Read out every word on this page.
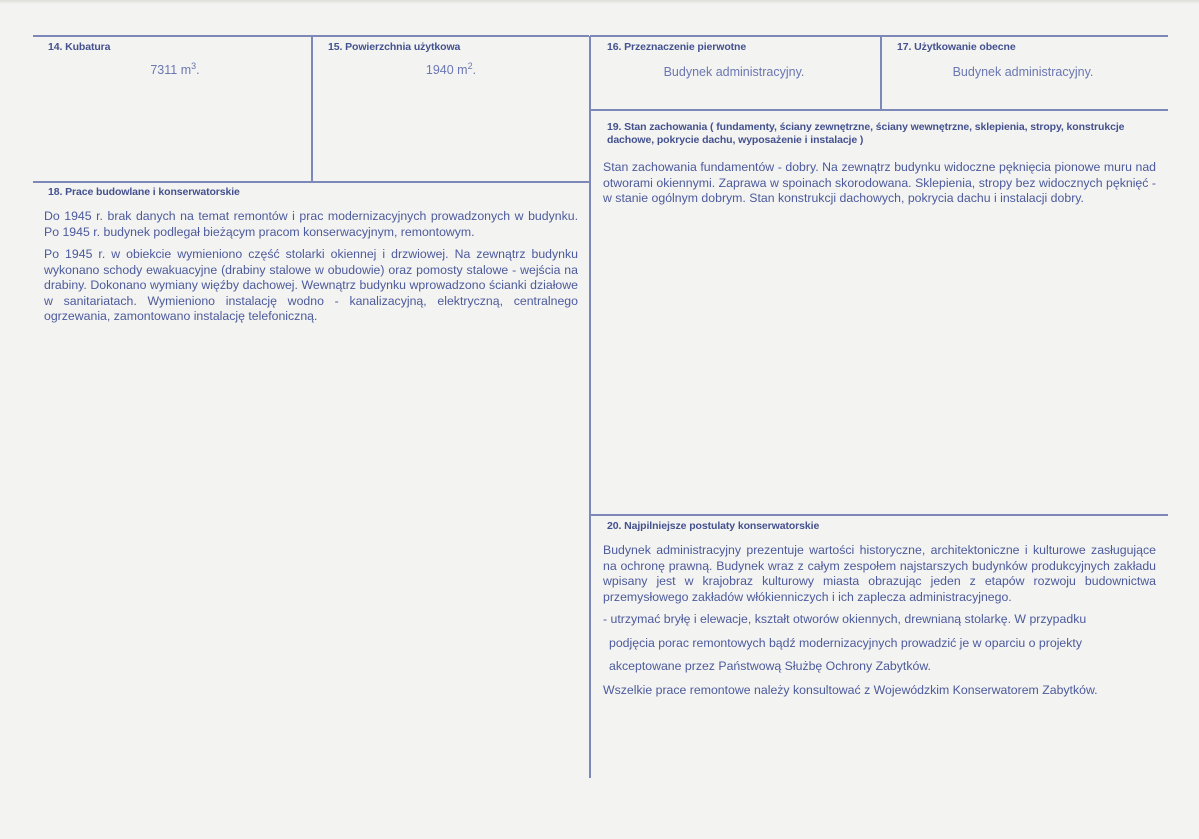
14. Kubatura
7311 $m^3$.
15. Powierzchnia użytkowa
1940 $m^2$.
16. Przeznaczenie pierwotne
Budynek administracyjny.
17. Użytkowanie obecne
Budynek administracyjny.
19. Stan zachowania ( fundamenty, ściany zewnętrzne, ściany wewnętrzne, sklepienia, stropy, konstrukcje dachowe, pokrycie dachu, wyposażenie i instalacje )
Stan zachowania fundamentów - dobry. Na zewnątrz budynku widoczne pęknięcia pionowe muru nad otworami okiennymi. Zaprawa w spoinach skorodowana. Sklepienia, stropy bez widocznych pęknięć - w stanie ogólnym dobrym. Stan konstrukcji dachowych, pokrycia dachu i instalacji dobry.
18. Prace budowlane i konserwatorskie

Do 1945 r. brak danych na temat remontów i prac modernizacyjnych prowadzonych w budynku. Po 1945 r. budynek podlegał bieżącym pracom konserwacyjnym, remontowym.

Po 1945 r. w obiekcie wymieniono część stolarki okiennej i drzwiowej. Na zewnątrz budynku wykonano schody ewakuacyjne (drabiny stalowe w obudowie) oraz pomosty stalowe - wejścia na drabiny. Dokonano wymiany więźby dachowej. Wewnątrz budynku wprowadzono ścianki działowe w sanitariatach. Wymieniono instalację wodno - kanalizacyjną, elektryczną, centralnego ogrzewania, zamontowano instalację telefoniczną.

20. Najpilniejsze postulaty konserwatorskie

Budynek administracyjny prezentuje wartości historyczne, architektoniczne i kulturowe zasługujące na ochronę prawną. Budynek wraz z całym zespołem najstarszych budynków produkcyjnych zakładu wpisany jest w krajobraz kulturowy miasta obrazując jeden z etapów rozwoju budownictwa przemysłowego zakładów włókienniczych i ich zaplecza administracyjnego.

- utrzymać bryłę i elewacje, kształt otworów okiennych, drewnianą stolarkę. W przypadku

podjęcia porac remontowych bądź modernizacyjnych prowadzić je w oparciu o projekty

akceptowane przez Państwową Służbę Ochrony Zabytków.

Wszelkie prace remontowe należy konsultować z Wojewódzkim Konserwatorem Zabytków.
